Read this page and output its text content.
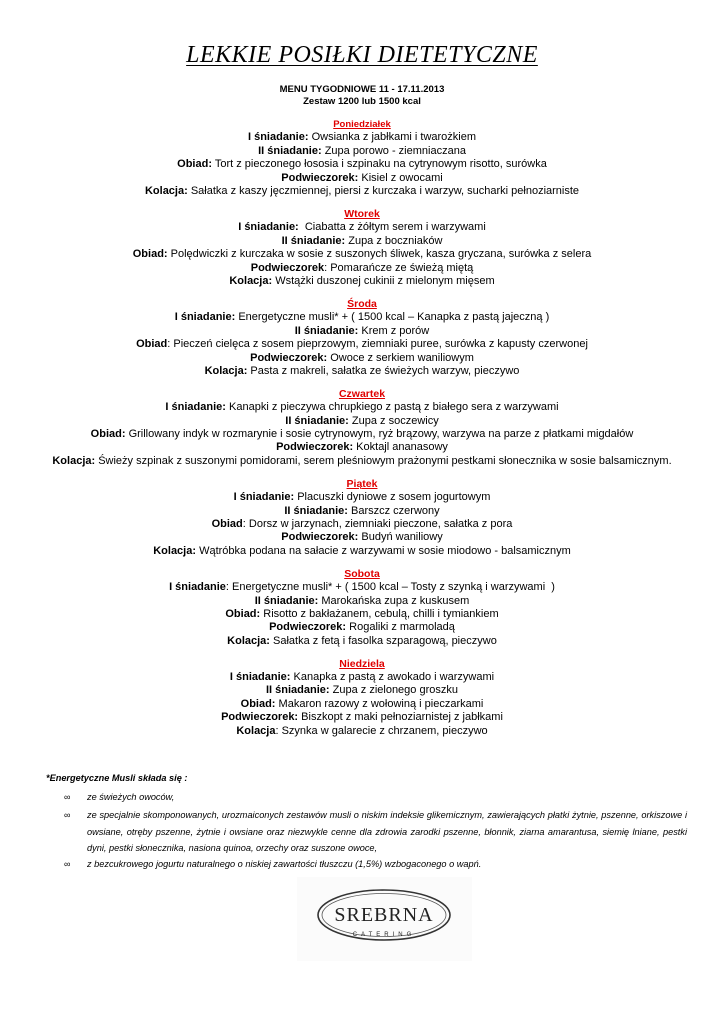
LEKKIE POSIŁKI DIETETYCZNE
MENU TYGODNIOWE 11 - 17.11.2013
Zestaw 1200 lub 1500 kcal
Poniedziałek
I śniadanie: Owsianka z jabłkami i twarożkiem
II śniadanie: Zupa porowo - ziemniaczana
Obiad: Tort z pieczonego łososia i szpinaku na cytrynowym risotto, surówka
Podwieczorek: Kisiel z owocami
Kolacja: Sałatka z kaszy jęczmiennej, piersi z kurczaka i warzyw, sucharki pełnoziarniste
Wtorek
I śniadanie:  Ciabatta z żółtym serem i warzywami
II śniadanie: Zupa z boczniaków
Obiad: Polędwiczki z kurczaka w sosie z suszonych śliwek, kasza gryczana, surówka z selera
Podwieczorek: Pomarańcze ze świeżą miętą
Kolacja: Wstążki duszonej cukinii z mielonym mięsem
Środa
I śniadanie: Energetyczne musli* + ( 1500 kcal – Kanapka z pastą jajeczną )
II śniadanie: Krem z porów
Obiad: Pieczeń cielęca z sosem pieprzowym, ziemniaki puree, surówka z kapusty czerwonej
Podwieczorek: Owoce z serkiem waniliowym
Kolacja: Pasta z makreli, sałatka ze świeżych warzyw, pieczywo
Czwartek
I śniadanie: Kanapki z pieczywa chrupkiego z pastą z białego sera z warzywami
II śniadanie: Zupa z soczewicy
Obiad: Grillowany indyk w rozmarynie i sosie cytrynowym, ryż brązowy, warzywa na parze z płatkami migdałów
Podwieczorek: Koktajl ananasowy
Kolacja: Świeży szpinak z suszonymi pomidorami, serem pleśniowym prażonymi pestkami słonecznika w sosie balsamicznym.
Piątek
I śniadanie: Placuszki dyniowe z sosem jogurtowym
II śniadanie: Barszcz czerwony
Obiad: Dorsz w jarzynach, ziemniaki pieczone, sałatka z pora
Podwieczorek: Budyń waniliowy
Kolacja: Wątróbka podana na sałacie z warzywami w sosie miodowo - balsamicznym
Sobota
I śniadanie: Energetyczne musli* + ( 1500 kcal – Tosty z szynką i warzywami  )
II śniadanie: Marokańska zupa z kuskusem
Obiad: Risotto z bakłażanem, cebulą, chilli i tymiankiem
Podwieczorek: Rogaliki z marmoladą
Kolacja: Sałatka z fetą i fasolka szparagową, pieczywo
Niedziela
I śniadanie: Kanapka z pastą z awokado i warzywami
II śniadanie: Zupa z zielonego groszku
Obiad: Makaron razowy z wołowiną i pieczarkami
Podwieczorek: Biszkopt z maki pełnoziarnistej z jabłkami
Kolacja: Szynka w galarecie z chrzanem, pieczywo
*Energetyczne Musli składa się :
∞ ze świeżych owoców,
∞ ze specjalnie skomponowanych, urozmaiconych zestawów musli o niskim indeksie glikemicznym, zawierających płatki żytnie, pszenne, orkiszowe i owsiane, otręby pszenne, żytnie i owsiane oraz niezwykle cenne dla zdrowia zarodki pszenne, błonnik, ziarna amarantusa, siemię lniane, pestki dyni, pestki słonecznika, nasiona quinoa, orzechy oraz suszone owoce,
∞ z bezcukrowego jogurtu naturalnego o niskiej zawartości tłuszczu (1,5%) wzbogaconego o wapń.
SREBRNA
CATERING
